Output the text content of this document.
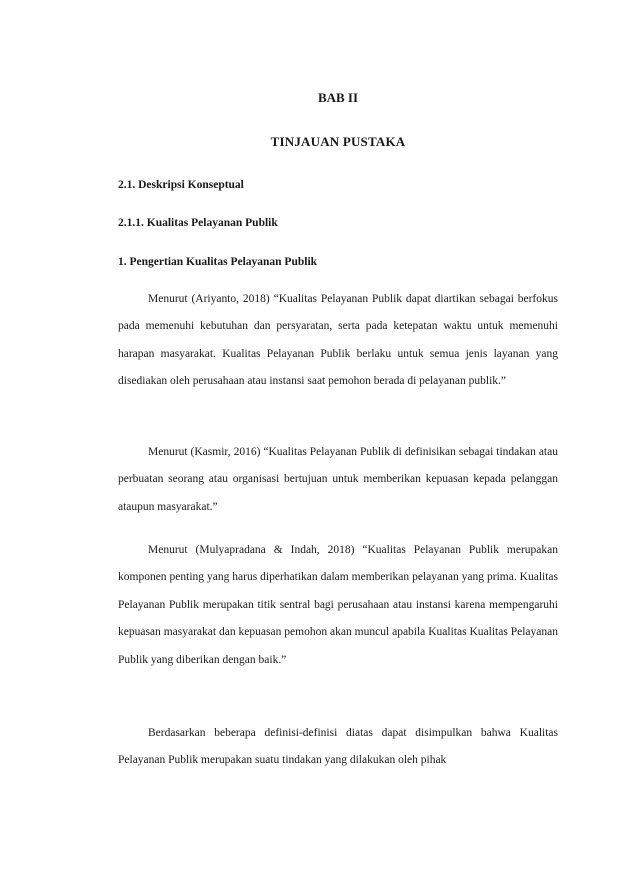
BAB II
TINJAUAN PUSTAKA
2.1. Deskripsi Konseptual
2.1.1. Kualitas Pelayanan Publik
1. Pengertian Kualitas Pelayanan Publik

Menurut (Ariyanto, 2018) “Kualitas Pelayanan Publik dapat diartikan sebagai berfokus pada memenuhi kebutuhan dan persyaratan, serta pada ketepatan waktu untuk memenuhi harapan masyarakat. Kualitas Pelayanan Publik berlaku untuk semua jenis layanan yang disediakan oleh perusahaan atau instansi saat pemohon berada di pelayanan publik.”

Menurut (Kasmir, 2016) “Kualitas Pelayanan Publik di definisikan sebagai tindakan atau perbuatan seorang atau organisasi bertujuan untuk memberikan kepuasan kepada pelanggan ataupun masyarakat.”

Menurut (Mulyapradana & Indah, 2018) “Kualitas Pelayanan Publik merupakan komponen penting yang harus diperhatikan dalam memberikan pelayanan yang prima. Kualitas Pelayanan Publik merupakan titik sentral bagi perusahaan atau instansi karena mempengaruhi kepuasan masyarakat dan kepuasan pemohon akan muncul apabila Kualitas Kualitas Pelayanan Publik yang diberikan dengan baik.”

Berdasarkan beberapa definisi-definisi diatas dapat disimpulkan bahwa Kualitas Pelayanan Publik merupakan suatu tindakan yang dilakukan oleh pihak
